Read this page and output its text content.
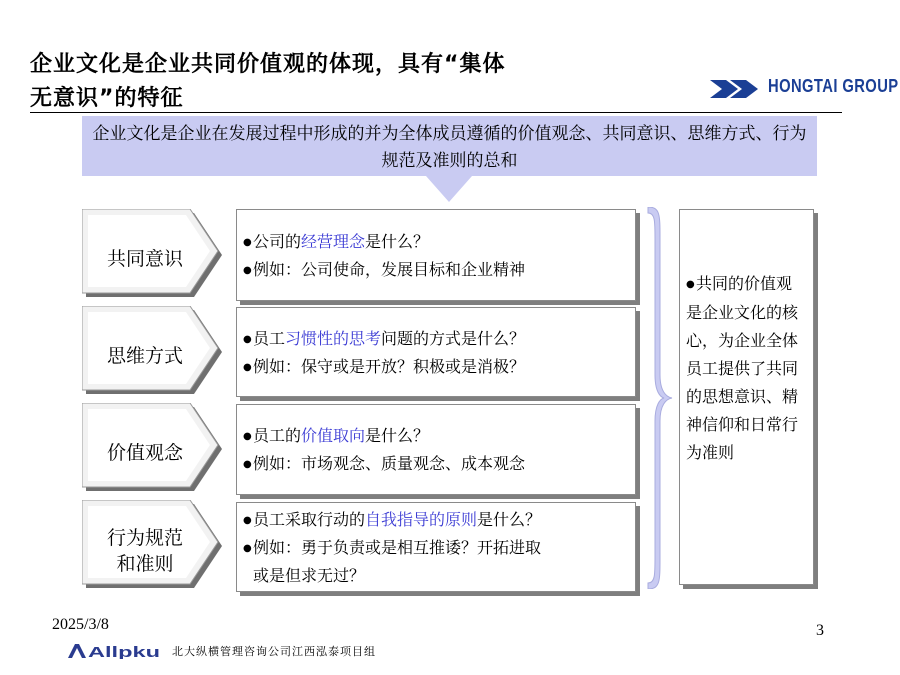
企业文化是企业共同价值观的体现，具有“集体
无意识”的特征	HONGTAI GROUP
企业文化是企业在发展过程中形成的并为全体成员遵循的价值观念、共同意识、思维方式、行为规范及准则的总和
共同意识
思维方式
价值观念
行为规范
和准则
●公司的经营理念是什么？
●例如：公司使命，发展目标和企业精神
●员工习惯性的思考问题的方式是什么？
●例如：保守或是开放？积极或是消极？
●员工的价值取向是什么？
●例如：市场观念、质量观念、成本观念
●员工采取行动的自我指导的原则是什么？
●例如：勇于负责或是相互推诿？开拓进取
或是但求无过？
●共同的价值观是企业文化的核心，为企业全体员工提供了共同的思想意识、精神信仰和日常行为准则
2025/3/8	3
Allpku 北大纵横管理咨询公司江西泓泰项目组
